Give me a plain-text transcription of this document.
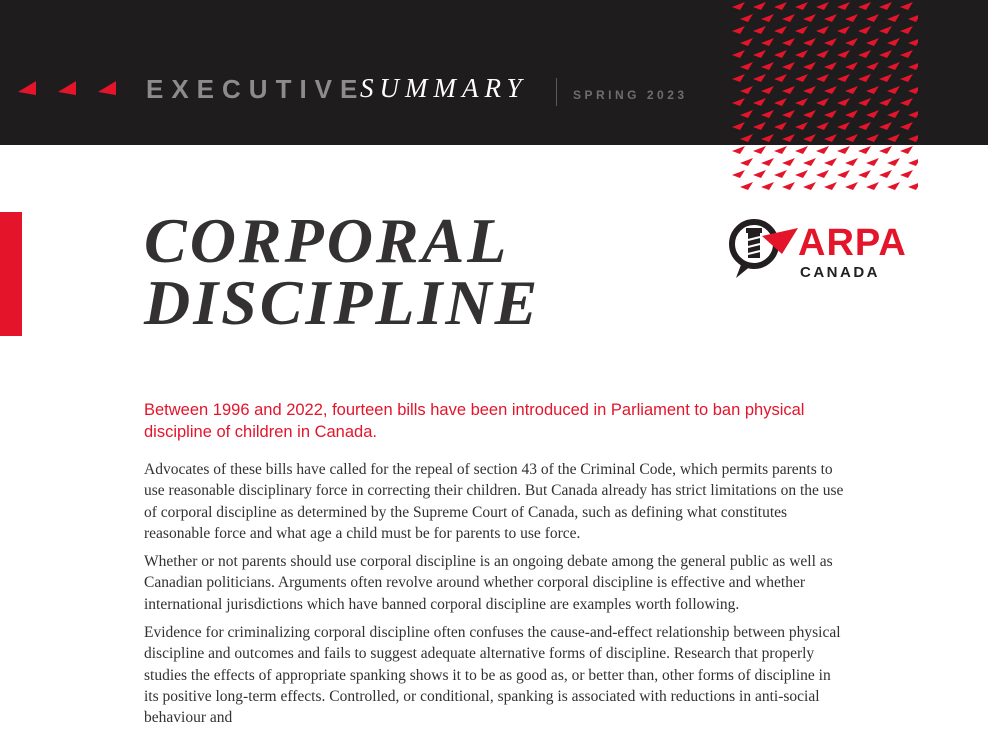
EXECUTIVE
SUMMARY	SPRING 2023
CORPORAL
DISCIPLINE
ARPA
CANADA
Between 1996 and 2022, fourteen bills have been introduced in Parliament to ban physical discipline of children in Canada.

Advocates of these bills have called for the repeal of section 43 of the Criminal Code, which permits parents to use reasonable disciplinary force in correcting their children. But Canada already has strict limitations on the use of corporal discipline as determined by the Supreme Court of Canada, such as defining what constitutes reasonable force and what age a child must be for parents to use force.

Whether or not parents should use corporal discipline is an ongoing debate among the general public as well as Canadian politicians. Arguments often revolve around whether corporal discipline is effective and whether international jurisdictions which have banned corporal discipline are examples worth following.

Evidence for criminalizing corporal discipline often confuses the cause-and-effect relationship between physical discipline and outcomes and fails to suggest adequate alternative forms of discipline. Research that properly studies the effects of appropriate spanking shows it to be as good as, or better than, other forms of discipline in its positive long-term effects. Controlled, or conditional, spanking is associated with reductions in anti-social behaviour and
